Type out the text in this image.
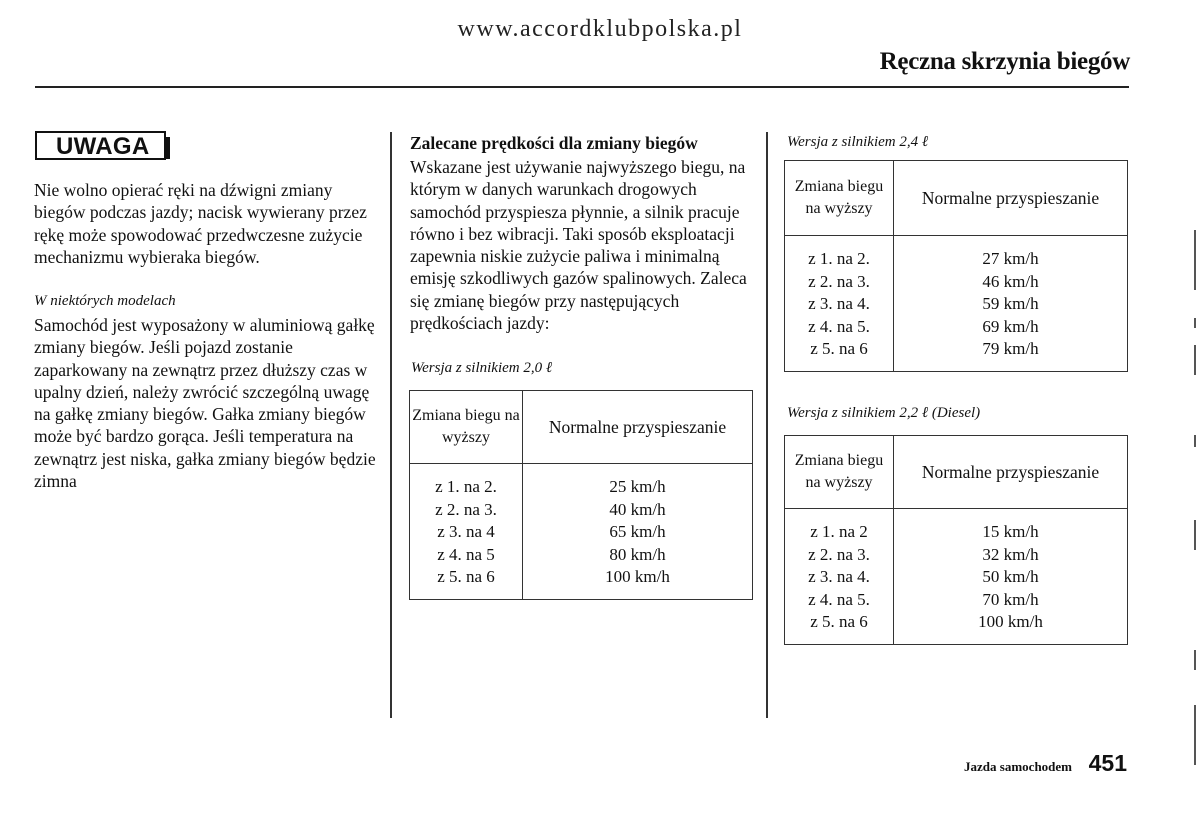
www.accordklubpolska.pl
Ręczna skrzynia biegów
UWAGA
Nie wolno opierać ręki na dźwigni zmiany biegów podczas jazdy; nacisk wywierany przez rękę może spowodować przedwczesne zużycie mechanizmu wybieraka biegów.
W niektórych modelach
Samochód jest wyposażony w aluminiową gałkę zmiany biegów. Jeśli pojazd zostanie zaparkowany na zewnątrz przez dłuższy czas w upalny dzień, należy zwrócić szczególną uwagę na gałkę zmiany biegów. Gałka zmiany biegów może być bardzo gorąca. Jeśli temperatura na zewnątrz jest niska, gałka zmiany biegów będzie zimna
Zalecane prędkości dla zmiany biegów
Wskazane jest używanie najwyższego biegu, na którym w danych warunkach drogowych samochód przyspiesza płynnie, a silnik pracuje równo i bez wibracji. Taki sposób eksploatacji zapewnia niskie zużycie paliwa i minimalną emisję szkodliwych gazów spalinowych. Zaleca się zmianę biegów przy następujących prędkościach jazdy:
Wersja z silnikiem 2,0 ℓ
Zmiana biegu na wyższy	Normalne przyspieszanie

z 1. na 2.	25 km/h
z 2. na 3.	40 km/h
z 3. na 4	65 km/h
z 4. na 5	80 km/h
z 5. na 6	100 km/h

Wersja z silnikiem 2,4 ℓ
Zmiana biegu na wyższy	Normalne przyspieszanie

z 1. na 2.	27 km/h
z 2. na 3.	46 km/h
z 3. na 4.	59 km/h
z 4. na 5.	69 km/h
z 5. na 6	79 km/h

Wersja z silnikiem 2,2 ℓ (Diesel)
Zmiana biegu na wyższy	Normalne przyspieszanie

z 1. na 2	15 km/h
z 2. na 3.	32 km/h
z 3. na 4.	50 km/h
z 4. na 5.	70 km/h
z 5. na 6	100 km/h

Jazda samochodem 451
